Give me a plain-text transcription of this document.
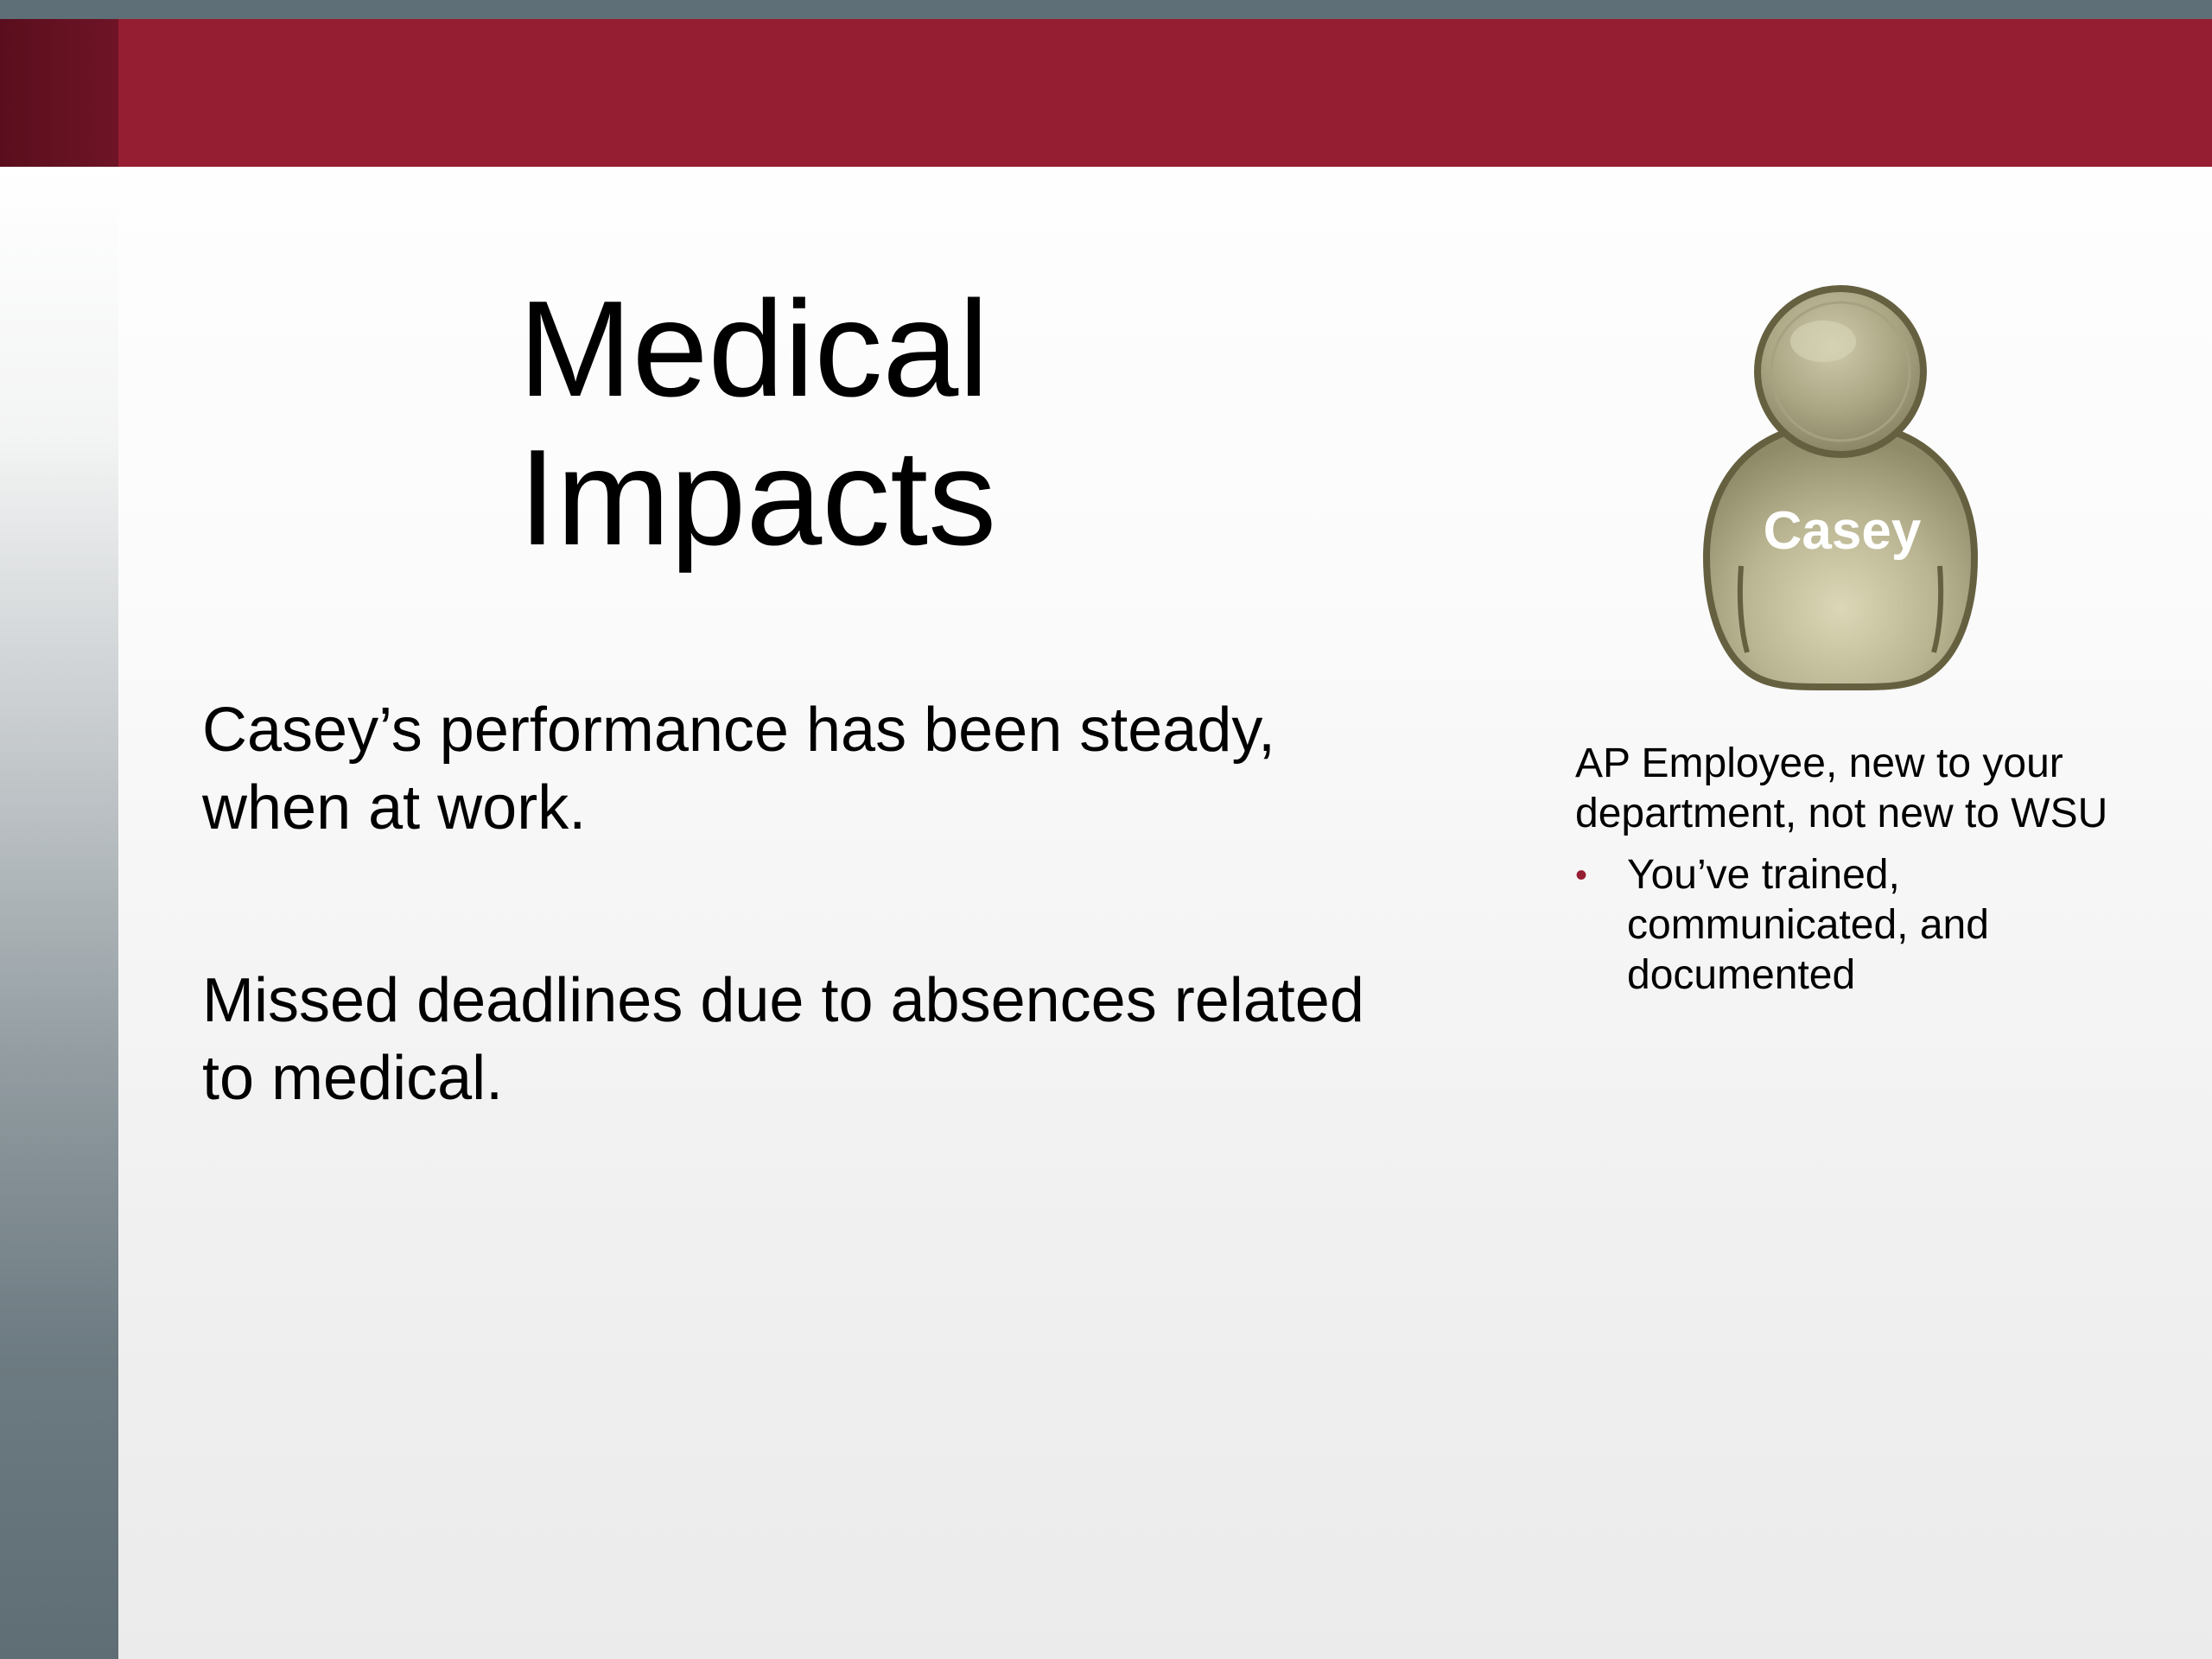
Medical
Impacts

Casey’s performance has been steady, when at work.

Missed deadlines due to absences related to medical.

Casey

AP Employee, new to your department, not new to WSU

• You’ve trained, communicated, and documented
